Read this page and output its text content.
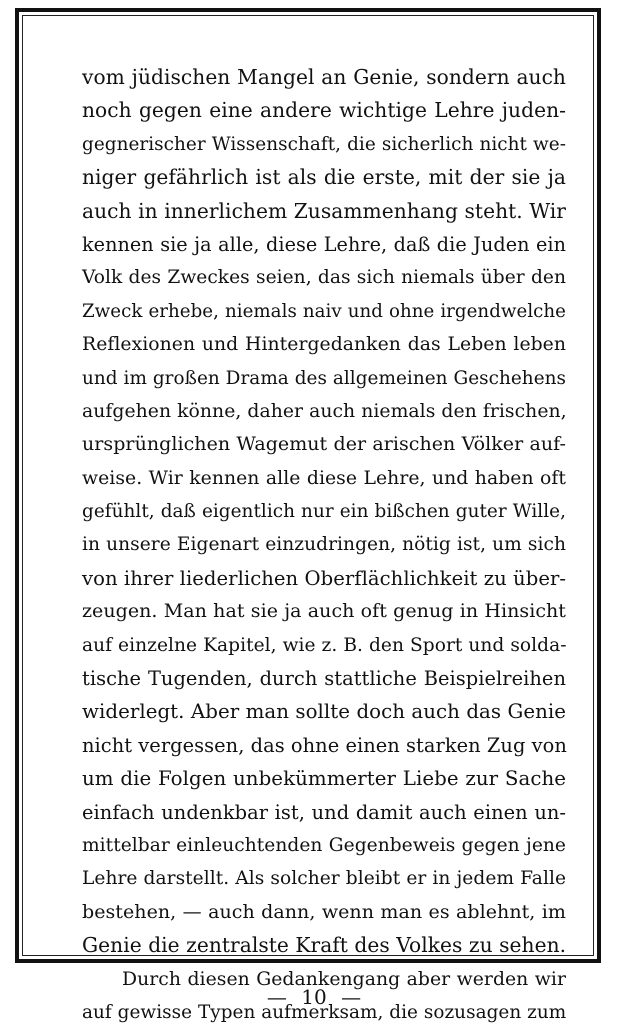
vom jüdischen Mangel an Genie, sondern auch
noch gegen eine andere wichtige Lehre juden-
gegnerischer Wissenschaft, die sicherlich nicht we-
niger gefährlich ist als die erste, mit der sie ja
auch in innerlichem Zusammenhang steht. Wir
kennen sie ja alle, diese Lehre, daß die Juden ein
Volk des Zweckes seien, das sich niemals über den
Zweck erhebe, niemals naiv und ohne irgendwelche
Reflexionen und Hintergedanken das Leben leben
und im großen Drama des allgemeinen Geschehens
aufgehen könne, daher auch niemals den frischen,
ursprünglichen Wagemut der arischen Völker auf-
weise. Wir kennen alle diese Lehre, und haben oft
gefühlt, daß eigentlich nur ein bißchen guter Wille,
in unsere Eigenart einzudringen, nötig ist, um sich
von ihrer liederlichen Oberflächlichkeit zu über-
zeugen. Man hat sie ja auch oft genug in Hinsicht
auf einzelne Kapitel, wie z. B. den Sport und solda-
tische Tugenden, durch stattliche Beispielreihen
widerlegt. Aber man sollte doch auch das Genie
nicht vergessen, das ohne einen starken Zug von
um die Folgen unbekümmerter Liebe zur Sache
einfach undenkbar ist, und damit auch einen un-
mittelbar einleuchtenden Gegenbeweis gegen jene
Lehre darstellt. Als solcher bleibt er in jedem Falle
bestehen, — auch dann, wenn man es ablehnt, im
Genie die zentralste Kraft des Volkes zu sehen.
Durch diesen Gedankengang aber werden wir
auf gewisse Typen aufmerksam, die sozusagen zum
— 10 —
